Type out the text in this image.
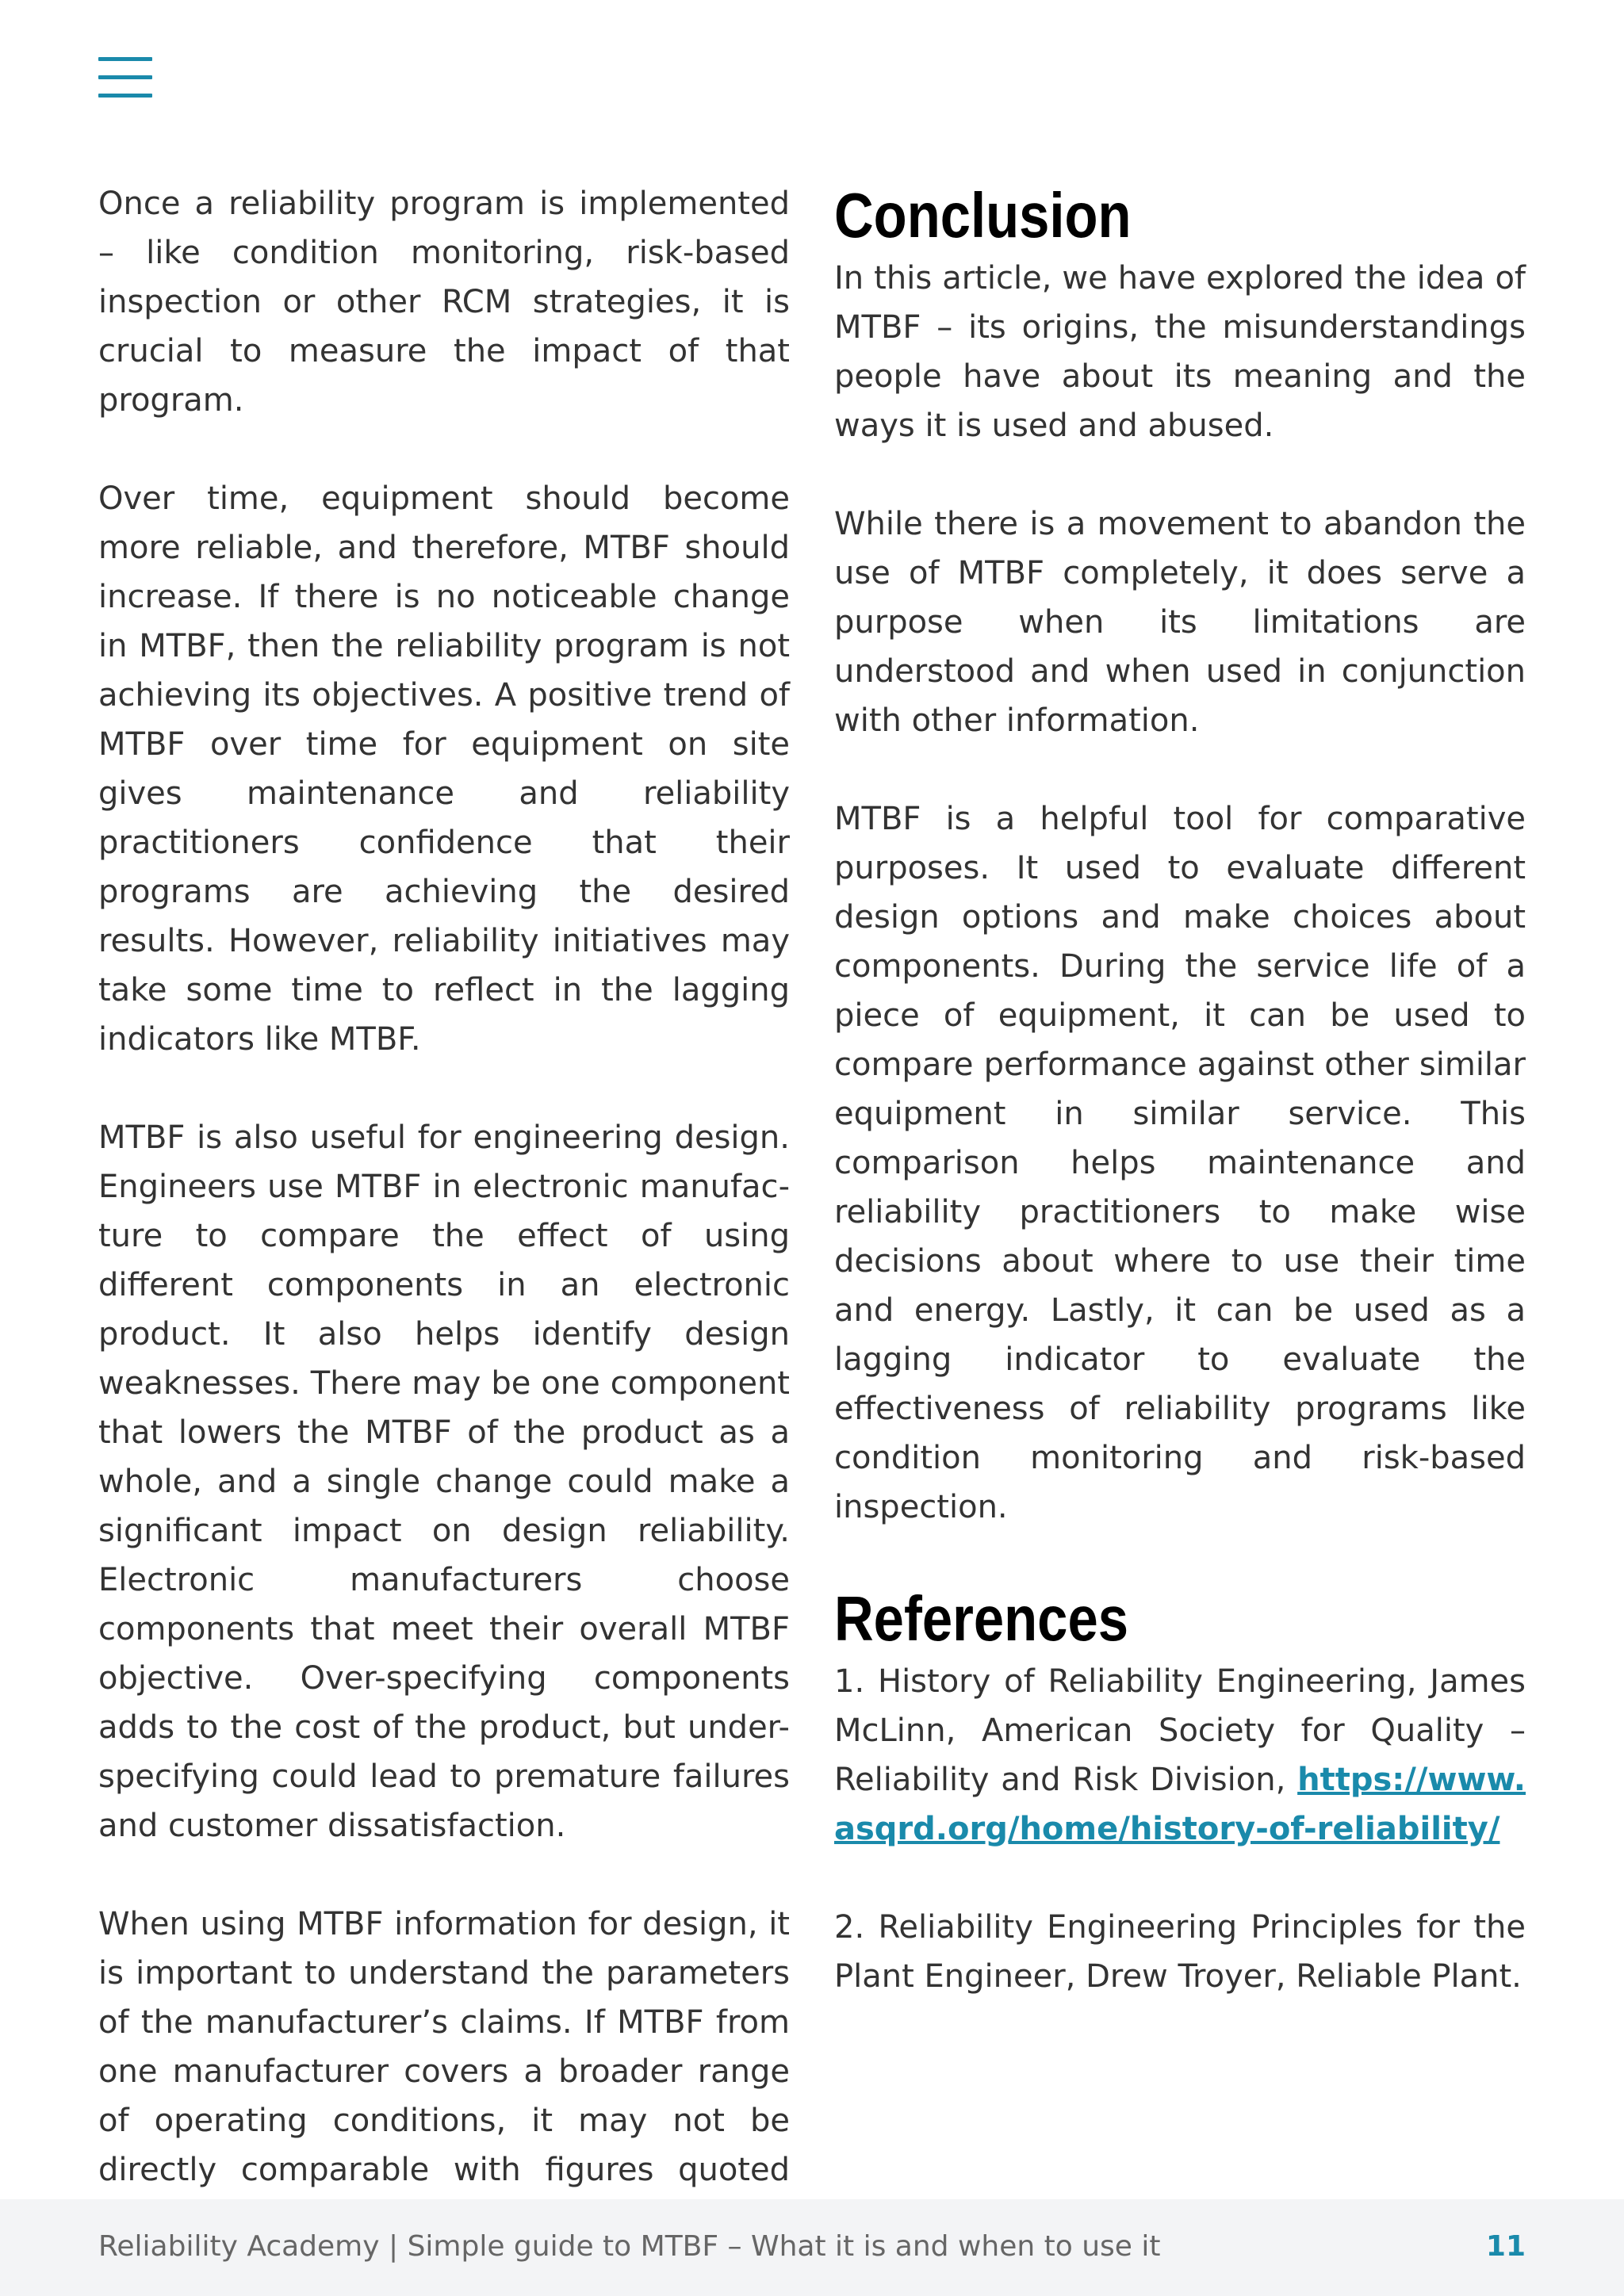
Once a reliability program is implemented – like condition monitoring, risk-based inspection or other RCM strategies, it is crucial to measure the impact of that program.

Over time, equipment should become more reliable, and therefore, MTBF should increase. If there is no noticeable change in MTBF, then the reliability program is not achieving its objectives. A positive trend of MTBF over time for equipment on site gives maintenance and reliability practitioners confidence that their programs are achieving the desired results. However, reliability initiatives may take some time to reflect in the lagging indicators like MTBF.

MTBF is also useful for engineering design. Engineers use MTBF in electronic manufacture to compare the effect of using different components in an electronic product. It also helps identify design weaknesses. There may be one component that lowers the MTBF of the product as a whole, and a single change could make a significant impact on design reliability. Electronic manufacturers choose components that meet their overall MTBF objective. Over-specifying components adds to the cost of the product, but under-specifying could lead to premature failures and customer dissatisfaction.

When using MTBF information for design, it is important to understand the parameters of the manufacturer’s claims. If MTBF from one manufacturer covers a broader range of operating conditions, it may not be directly comparable with figures quoted

Conclusion

In this article, we have explored the idea of MTBF – its origins, the misunderstandings people have about its meaning and the ways it is used and abused.

While there is a movement to abandon the use of MTBF completely, it does serve a purpose when its limitations are understood and when used in conjunction with other information.

MTBF is a helpful tool for comparative purposes. It used to evaluate different design options and make choices about components. During the service life of a piece of equipment, it can be used to compare performance against other similar equipment in similar service. This comparison helps maintenance and reliability practitioners to make wise decisions about where to use their time and energy. Lastly, it can be used as a lagging indicator to evaluate the effectiveness of reliability programs like condition monitoring and risk-based inspection.

References

1. History of Reliability Engineering, James McLinn, American Society for Quality – Reliability and Risk Division, https://www.asqrd.org/home/history-of-reliability/

2. Reliability Engineering Principles for the Plant Engineer, Drew Troyer, Reliable Plant.

Reliability Academy | Simple guide to MTBF – What it is and when to use it	11
